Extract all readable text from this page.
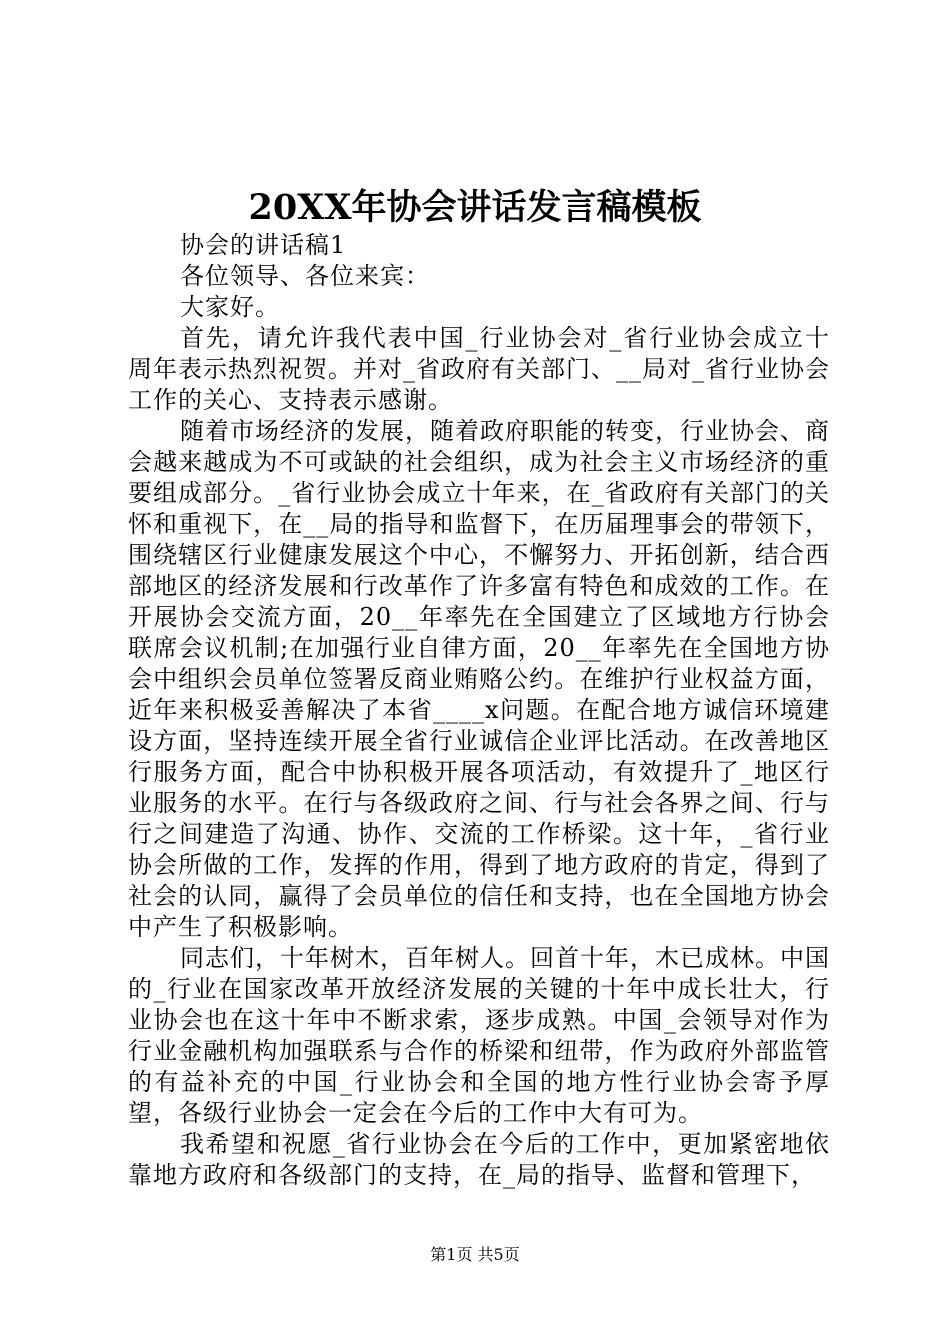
20XX年协会讲话发言稿模板

协会的讲话稿1

各位领导、各位来宾：

大家好。

首先，请允许我代表中国_行业协会对_省行业协会成立十周年表示热烈祝贺。并对_省政府有关部门、__局对_省行业协会工作的关心、支持表示感谢。

随着市场经济的发展，随着政府职能的转变，行业协会、商会越来越成为不可或缺的社会组织，成为社会主义市场经济的重要组成部分。_省行业协会成立十年来，在_省政府有关部门的关怀和重视下，在__局的指导和监督下，在历届理事会的带领下，围绕辖区行业健康发展这个中心，不懈努力、开拓创新，结合西部地区的经济发展和行改革作了许多富有特色和成效的工作。在开展协会交流方面，20__年率先在全国建立了区域地方行协会联席会议机制;在加强行业自律方面，20__年率先在全国地方协会中组织会员单位签署反商业贿赂公约。在维护行业权益方面，近年来积极妥善解决了本省____x问题。在配合地方诚信环境建设方面，坚持连续开展全省行业诚信企业评比活动。在改善地区行服务方面，配合中协积极开展各项活动，有效提升了_地区行业服务的水平。在行与各级政府之间、行与社会各界之间、行与行之间建造了沟通、协作、交流的工作桥梁。这十年，_省行业协会所做的工作，发挥的作用，得到了地方政府的肯定，得到了社会的认同，赢得了会员单位的信任和支持，也在全国地方协会中产生了积极影响。

同志们，十年树木，百年树人。回首十年，木已成林。中国的_行业在国家改革开放经济发展的关键的十年中成长壮大，行业协会也在这十年中不断求索，逐步成熟。中国_会领导对作为行业金融机构加强联系与合作的桥梁和纽带，作为政府外部监管的有益补充的中国_行业协会和全国的地方性行业协会寄予厚望，各级行业协会一定会在今后的工作中大有可为。

我希望和祝愿_省行业协会在今后的工作中，更加紧密地依靠地方政府和各级部门的支持，在_局的指导、监督和管理下，

第1页 共5页
